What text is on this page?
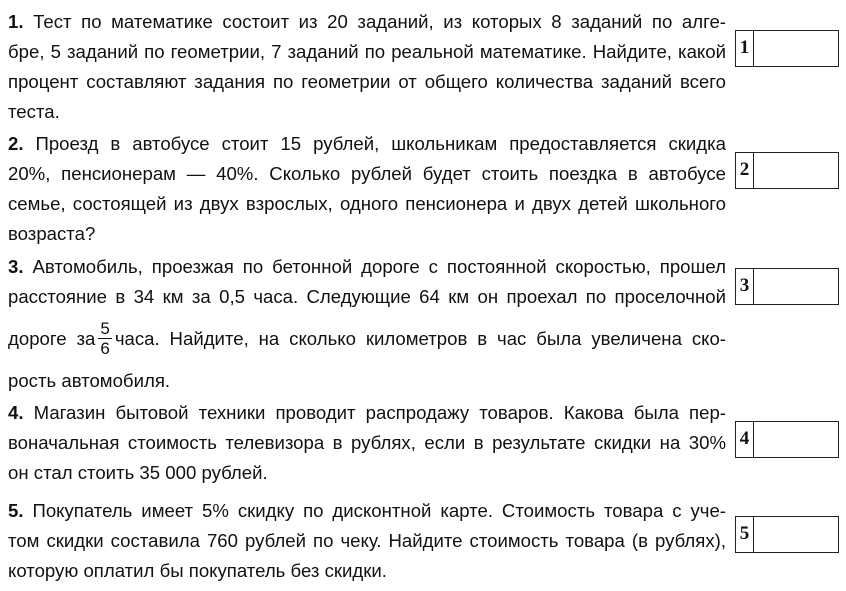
1. Тест по математике состоит из 20 заданий, из которых 8 заданий по алге-
бре, 5 заданий по геометрии, 7 заданий по реальной математике. Найдите, какой
процент составляют задания по геометрии от общего количества заданий всего
теста.
1
2. Проезд в автобусе стоит 15 рублей, школьникам предоставляется скидка
20%, пенсионерам — 40%. Сколько рублей будет стоить поездка в автобусе
семье, состоящей из двух взрослых, одного пенсионера и двух детей школьного
возраста?
2
3. Автомобиль, проезжая по бетонной дороге с постоянной скоростью, прошел
расстояние в 34 км за 0,5 часа. Следующие 64 км он проехал по проселочной
дороге за $\frac{5}{6}$ часа. Найдите, на сколько километров в час была увеличена ско-
рость автомобиля.
3
4. Магазин бытовой техники проводит распродажу товаров. Какова была пер-
воначальная стоимость телевизора в рублях, если в результате скидки на 30%
он стал стоить 35 000 рублей.
4
5. Покупатель имеет 5% скидку по дисконтной карте. Стоимость товара с уче-
том скидки составила 760 рублей по чеку. Найдите стоимость товара (в рублях),
которую оплатил бы покупатель без скидки.
5
